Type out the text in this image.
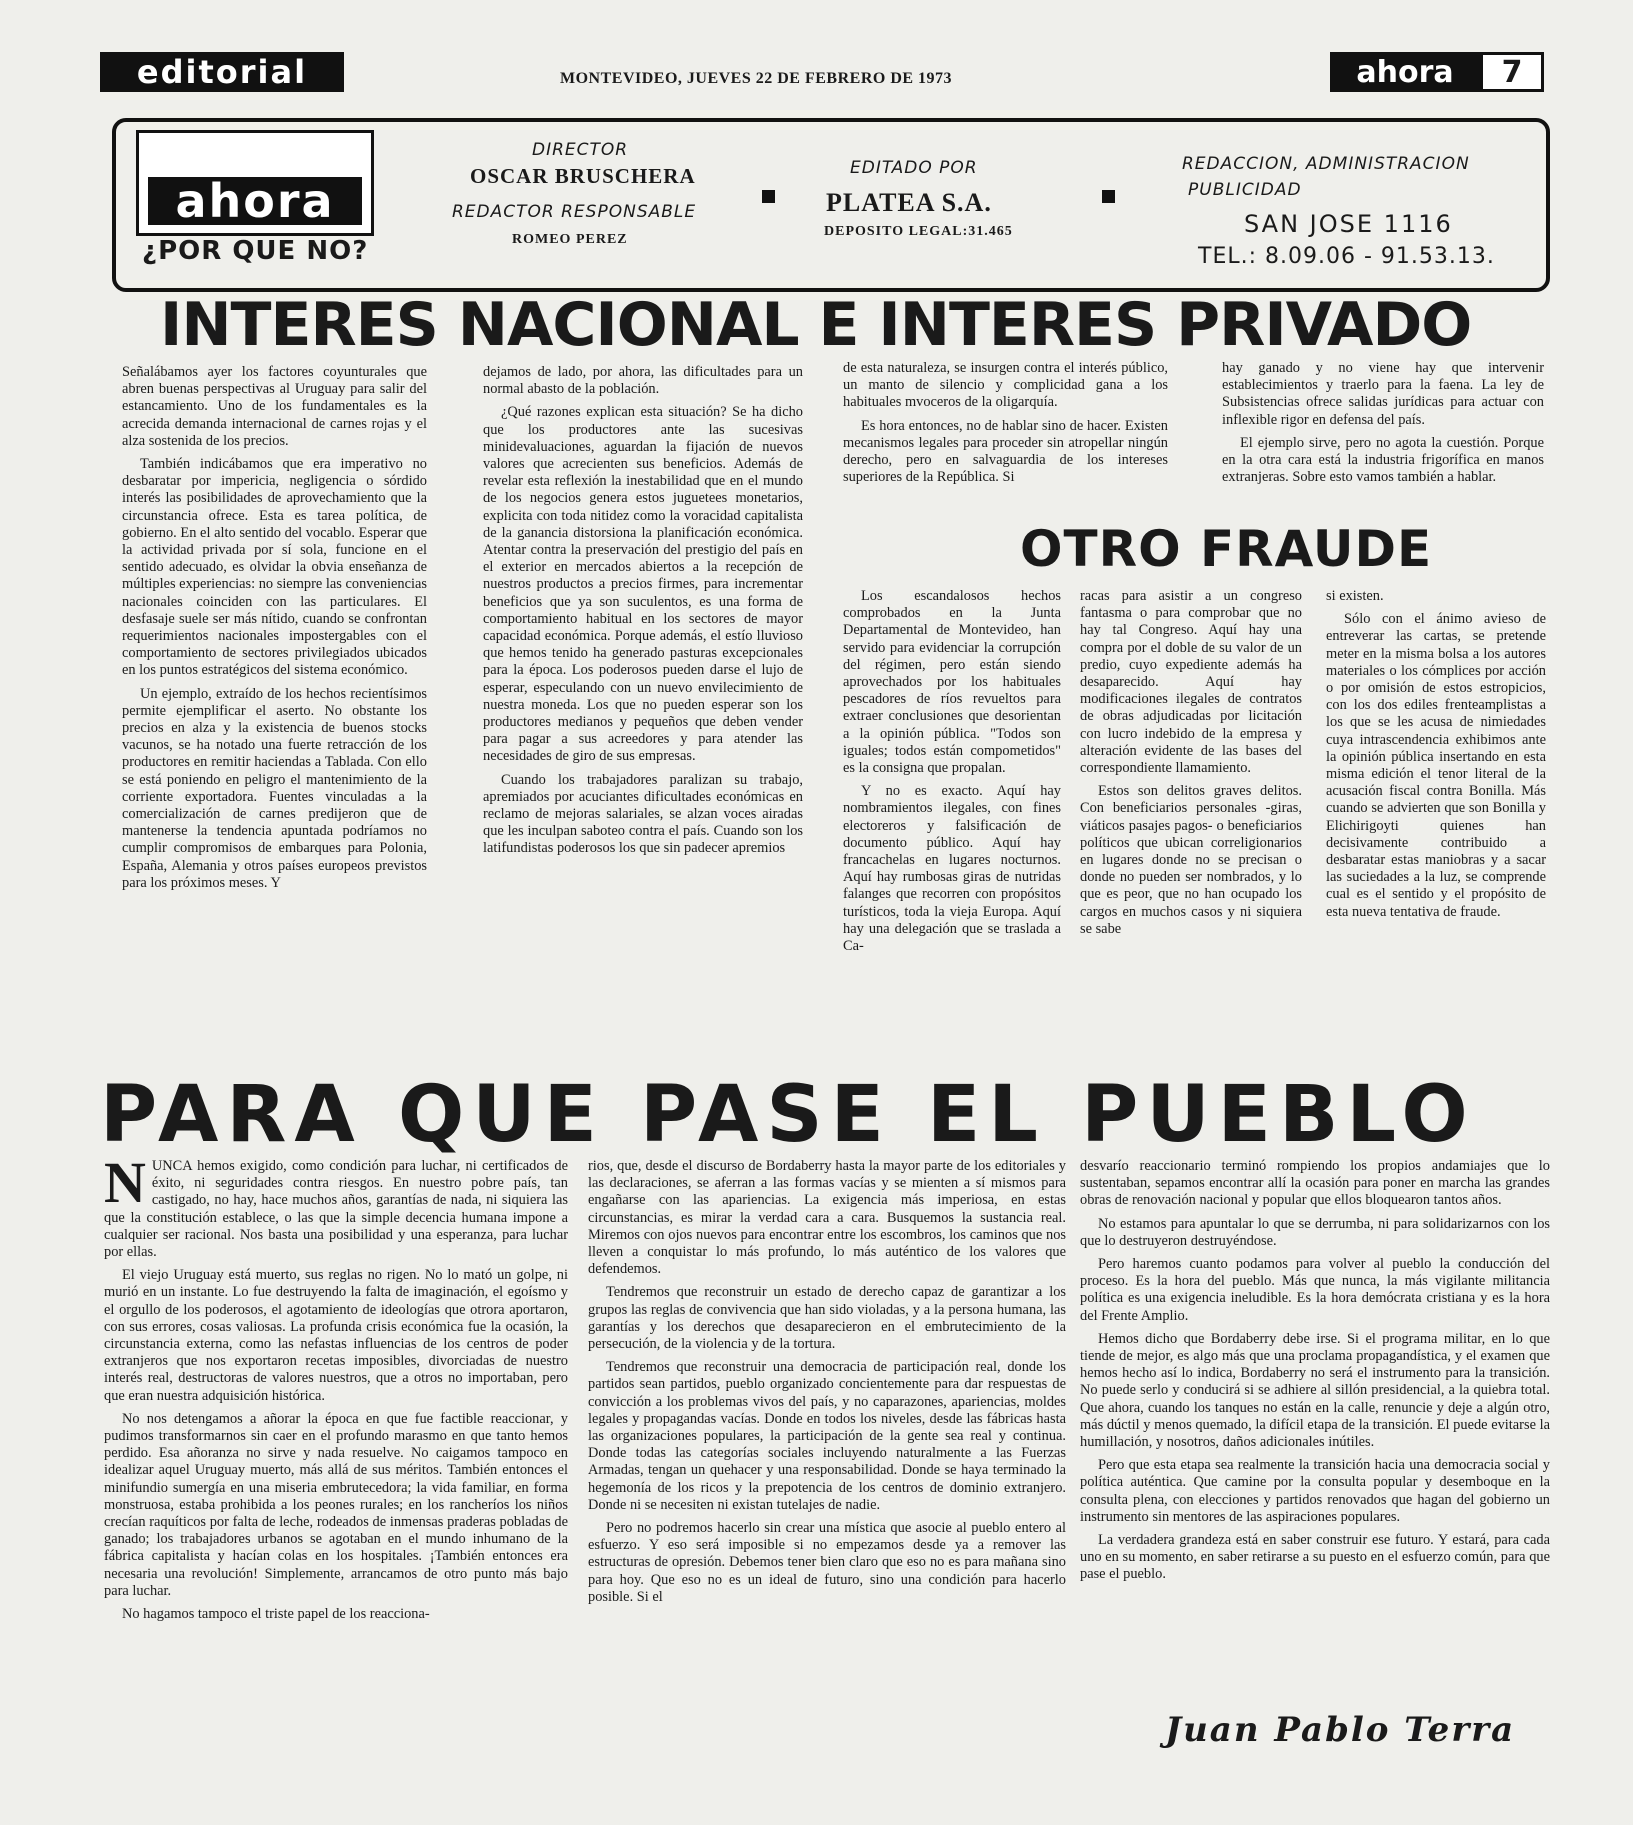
editorial	MONTEVIDEO, JUEVES 22 DE FEBRERO DE 1973	ahora	7
ahora
¿POR QUE NO?
DIRECTOR
OSCAR BRUSCHERA
REDACTOR RESPONSABLE
ROMEO PEREZ
EDITADO POR
PLATEA S.A.
DEPOSITO LEGAL:31.465
REDACCION, ADMINISTRACION
PUBLICIDAD
SAN JOSE 1116
TEL.: 8.09.06 - 91.53.13.
INTERES NACIONAL E INTERES PRIVADO

Señalábamos ayer los factores coyunturales que abren buenas perspectivas al Uruguay para salir del estancamiento. Uno de los fundamentales es la acrecida demanda internacional de carnes rojas y el alza sostenida de los precios.

También indicábamos que era imperativo no desbaratar por impericia, negligencia o sórdido interés las posibilidades de aprovechamiento que la circunstancia ofrece. Esta es tarea política, de gobierno. En el alto sentido del vocablo. Esperar que la actividad privada por sí sola, funcione en el sentido adecuado, es olvidar la obvia enseñanza de múltiples experiencias: no siempre las conveniencias nacionales coinciden con las particulares. El desfasaje suele ser más nítido, cuando se confrontan requerimientos nacionales impostergables con el comportamiento de sectores privilegiados ubicados en los puntos estratégicos del sistema económico.

Un ejemplo, extraído de los hechos recientísimos permite ejemplificar el aserto. No obstante los precios en alza y la existencia de buenos stocks vacunos, se ha notado una fuerte retracción de los productores en remitir haciendas a Tablada. Con ello se está poniendo en peligro el mantenimiento de la corriente exportadora. Fuentes vinculadas a la comercialización de carnes predijeron que de mantenerse la tendencia apuntada podríamos no cumplir compromisos de embarques para Polonia, España, Alemania y otros países europeos previstos para los próximos meses. Y

dejamos de lado, por ahora, las dificultades para un normal abasto de la población.

¿Qué razones explican esta situación? Se ha dicho que los productores ante las sucesivas minidevaluaciones, aguardan la fijación de nuevos valores que acrecienten sus beneficios. Además de revelar esta reflexión la inestabilidad que en el mundo de los negocios genera estos juguetees monetarios, explicita con toda nitidez como la voracidad capitalista de la ganancia distorsiona la planificación económica. Atentar contra la preservación del prestigio del país en el exterior en mercados abiertos a la recepción de nuestros productos a precios firmes, para incrementar beneficios que ya son suculentos, es una forma de comportamiento habitual en los sectores de mayor capacidad económica. Porque además, el estío lluvioso que hemos tenido ha generado pasturas excepcionales para la época. Los poderosos pueden darse el lujo de esperar, especulando con un nuevo envilecimiento de nuestra moneda. Los que no pueden esperar son los productores medianos y pequeños que deben vender para pagar a sus acreedores y para atender las necesidades de giro de sus empresas.

Cuando los trabajadores paralizan su trabajo, apremiados por acuciantes dificultades económicas en reclamo de mejoras salariales, se alzan voces airadas que les inculpan saboteo contra el país. Cuando son los latifundistas poderosos los que sin padecer apremios

de esta naturaleza, se insurgen contra el interés público, un manto de silencio y complicidad gana a los habituales mvoceros de la oligarquía.

Es hora entonces, no de hablar sino de hacer. Existen mecanismos legales para proceder sin atropellar ningún derecho, pero en salvaguardia de los intereses superiores de la República. Si

hay ganado y no viene hay que intervenir establecimientos y traerlo para la faena. La ley de Subsistencias ofrece salidas jurídicas para actuar con inflexible rigor en defensa del país.

El ejemplo sirve, pero no agota la cuestión. Porque en la otra cara está la industria frigorífica en manos extranjeras. Sobre esto vamos también a hablar.

OTRO FRAUDE

Los escandalosos hechos comprobados en la Junta Departamental de Montevideo, han servido para evidenciar la corrupción del régimen, pero están siendo aprovechados por los habituales pescadores de ríos revueltos para extraer conclusiones que desorientan a la opinión pública. "Todos son iguales; todos están compometidos" es la consigna que propalan.

Y no es exacto. Aquí hay nombramientos ilegales, con fines electoreros y falsificación de documento público. Aquí hay francachelas en lugares nocturnos. Aquí hay rumbosas giras de nutridas falanges que recorren con propósitos turísticos, toda la vieja Europa. Aquí hay una delegación que se traslada a Ca-

racas para asistir a un congreso fantasma o para comprobar que no hay tal Congreso. Aquí hay una compra por el doble de su valor de un predio, cuyo expediente además ha desaparecido. Aquí hay modificaciones ilegales de contratos de obras adjudicadas por licitación con lucro indebido de la empresa y alteración evidente de las bases del correspondiente llamamiento.

Estos son delitos graves delitos. Con beneficiarios personales -giras, viáticos pasajes pagos- o beneficiarios políticos que ubican correligionarios en lugares donde no se precisan o donde no pueden ser nombrados, y lo que es peor, que no han ocupado los cargos en muchos casos y ni siquiera se sabe

si existen.

Sólo con el ánimo avieso de entreverar las cartas, se pretende meter en la misma bolsa a los autores materiales o los cómplices por acción o por omisión de estos estropicios, con los dos ediles frenteamplistas a los que se les acusa de nimiedades cuya intrascendencia exhibimos ante la opinión pública insertando en esta misma edición el tenor literal de la acusación fiscal contra Bonilla. Más cuando se advierten que son Bonilla y Elichirigoyti quienes han decisivamente contribuido a desbaratar estas maniobras y a sacar las suciedades a la luz, se comprende cual es el sentido y el propósito de esta nueva tentativa de fraude.

PARA QUE PASE EL PUEBLO

NUNCA hemos exigido, como condición para luchar, ni certificados de éxito, ni seguridades contra riesgos. En nuestro pobre país, tan castigado, no hay, hace muchos años, garantías de nada, ni siquiera las que la constitución establece, o las que la simple decencia humana impone a cualquier ser racional. Nos basta una posibilidad y una esperanza, para luchar por ellas.

El viejo Uruguay está muerto, sus reglas no rigen. No lo mató un golpe, ni murió en un instante. Lo fue destruyendo la falta de imaginación, el egoísmo y el orgullo de los poderosos, el agotamiento de ideologías que otrora aportaron, con sus errores, cosas valiosas. La profunda crisis económica fue la ocasión, la circunstancia externa, como las nefastas influencias de los centros de poder extranjeros que nos exportaron recetas imposibles, divorciadas de nuestro interés real, destructoras de valores nuestros, que a otros no importaban, pero que eran nuestra adquisición histórica.

No nos detengamos a añorar la época en que fue factible reaccionar, y pudimos transformarnos sin caer en el profundo marasmo en que tanto hemos perdido. Esa añoranza no sirve y nada resuelve. No caigamos tampoco en idealizar aquel Uruguay muerto, más allá de sus méritos. También entonces el minifundio sumergía en una miseria embrutecedora; la vida familiar, en forma monstruosa, estaba prohibida a los peones rurales; en los rancheríos los niños crecían raquíticos por falta de leche, rodeados de inmensas praderas pobladas de ganado; los trabajadores urbanos se agotaban en el mundo inhumano de la fábrica capitalista y hacían colas en los hospitales. ¡También entonces era necesaria una revolución! Simplemente, arrancamos de otro punto más bajo para luchar.

No hagamos tampoco el triste papel de los reacciona-

rios, que, desde el discurso de Bordaberry hasta la mayor parte de los editoriales y las declaraciones, se aferran a las formas vacías y se mienten a sí mismos para engañarse con las apariencias. La exigencia más imperiosa, en estas circunstancias, es mirar la verdad cara a cara. Busquemos la sustancia real. Miremos con ojos nuevos para encontrar entre los escombros, los caminos que nos lleven a conquistar lo más profundo, lo más auténtico de los valores que defendemos.

Tendremos que reconstruir un estado de derecho capaz de garantizar a los grupos las reglas de convivencia que han sido violadas, y a la persona humana, las garantías y los derechos que desaparecieron en el embrutecimiento de la persecución, de la violencia y de la tortura.

Tendremos que reconstruir una democracia de participación real, donde los partidos sean partidos, pueblo organizado concientemente para dar respuestas de convicción a los problemas vivos del país, y no caparazones, apariencias, moldes legales y propagandas vacías. Donde en todos los niveles, desde las fábricas hasta las organizaciones populares, la participación de la gente sea real y continua. Donde todas las categorías sociales incluyendo naturalmente a las Fuerzas Armadas, tengan un quehacer y una responsabilidad. Donde se haya terminado la hegemonía de los ricos y la prepotencia de los centros de dominio extranjero. Donde ni se necesiten ni existan tutelajes de nadie.

Pero no podremos hacerlo sin crear una mística que asocie al pueblo entero al esfuerzo. Y eso será imposible si no empezamos desde ya a remover las estructuras de opresión. Debemos tener bien claro que eso no es para mañana sino para hoy. Que eso no es un ideal de futuro, sino una condición para hacerlo posible. Si el

desvarío reaccionario terminó rompiendo los propios andamiajes que lo sustentaban, sepamos encontrar allí la ocasión para poner en marcha las grandes obras de renovación nacional y popular que ellos bloquearon tantos años.

No estamos para apuntalar lo que se derrumba, ni para solidarizarnos con los que lo destruyeron destruyéndose.

Pero haremos cuanto podamos para volver al pueblo la conducción del proceso. Es la hora del pueblo. Más que nunca, la más vigilante militancia política es una exigencia ineludible. Es la hora demócrata cristiana y es la hora del Frente Amplio.

Hemos dicho que Bordaberry debe irse. Si el programa militar, en lo que tiende de mejor, es algo más que una proclama propagandística, y el examen que hemos hecho así lo indica, Bordaberry no será el instrumento para la transición. No puede serlo y conducirá si se adhiere al sillón presidencial, a la quiebra total. Que ahora, cuando los tanques no están en la calle, renuncie y deje a algún otro, más dúctil y menos quemado, la difícil etapa de la transición. El puede evitarse la humillación, y nosotros, daños adicionales inútiles.

Pero que esta etapa sea realmente la transición hacia una democracia social y política auténtica. Que camine por la consulta popular y desemboque en la consulta plena, con elecciones y partidos renovados que hagan del gobierno un instrumento sin mentores de las aspiraciones populares.

La verdadera grandeza está en saber construir ese futuro. Y estará, para cada uno en su momento, en saber retirarse a su puesto en el esfuerzo común, para que pase el pueblo.

Juan Pablo Terra
